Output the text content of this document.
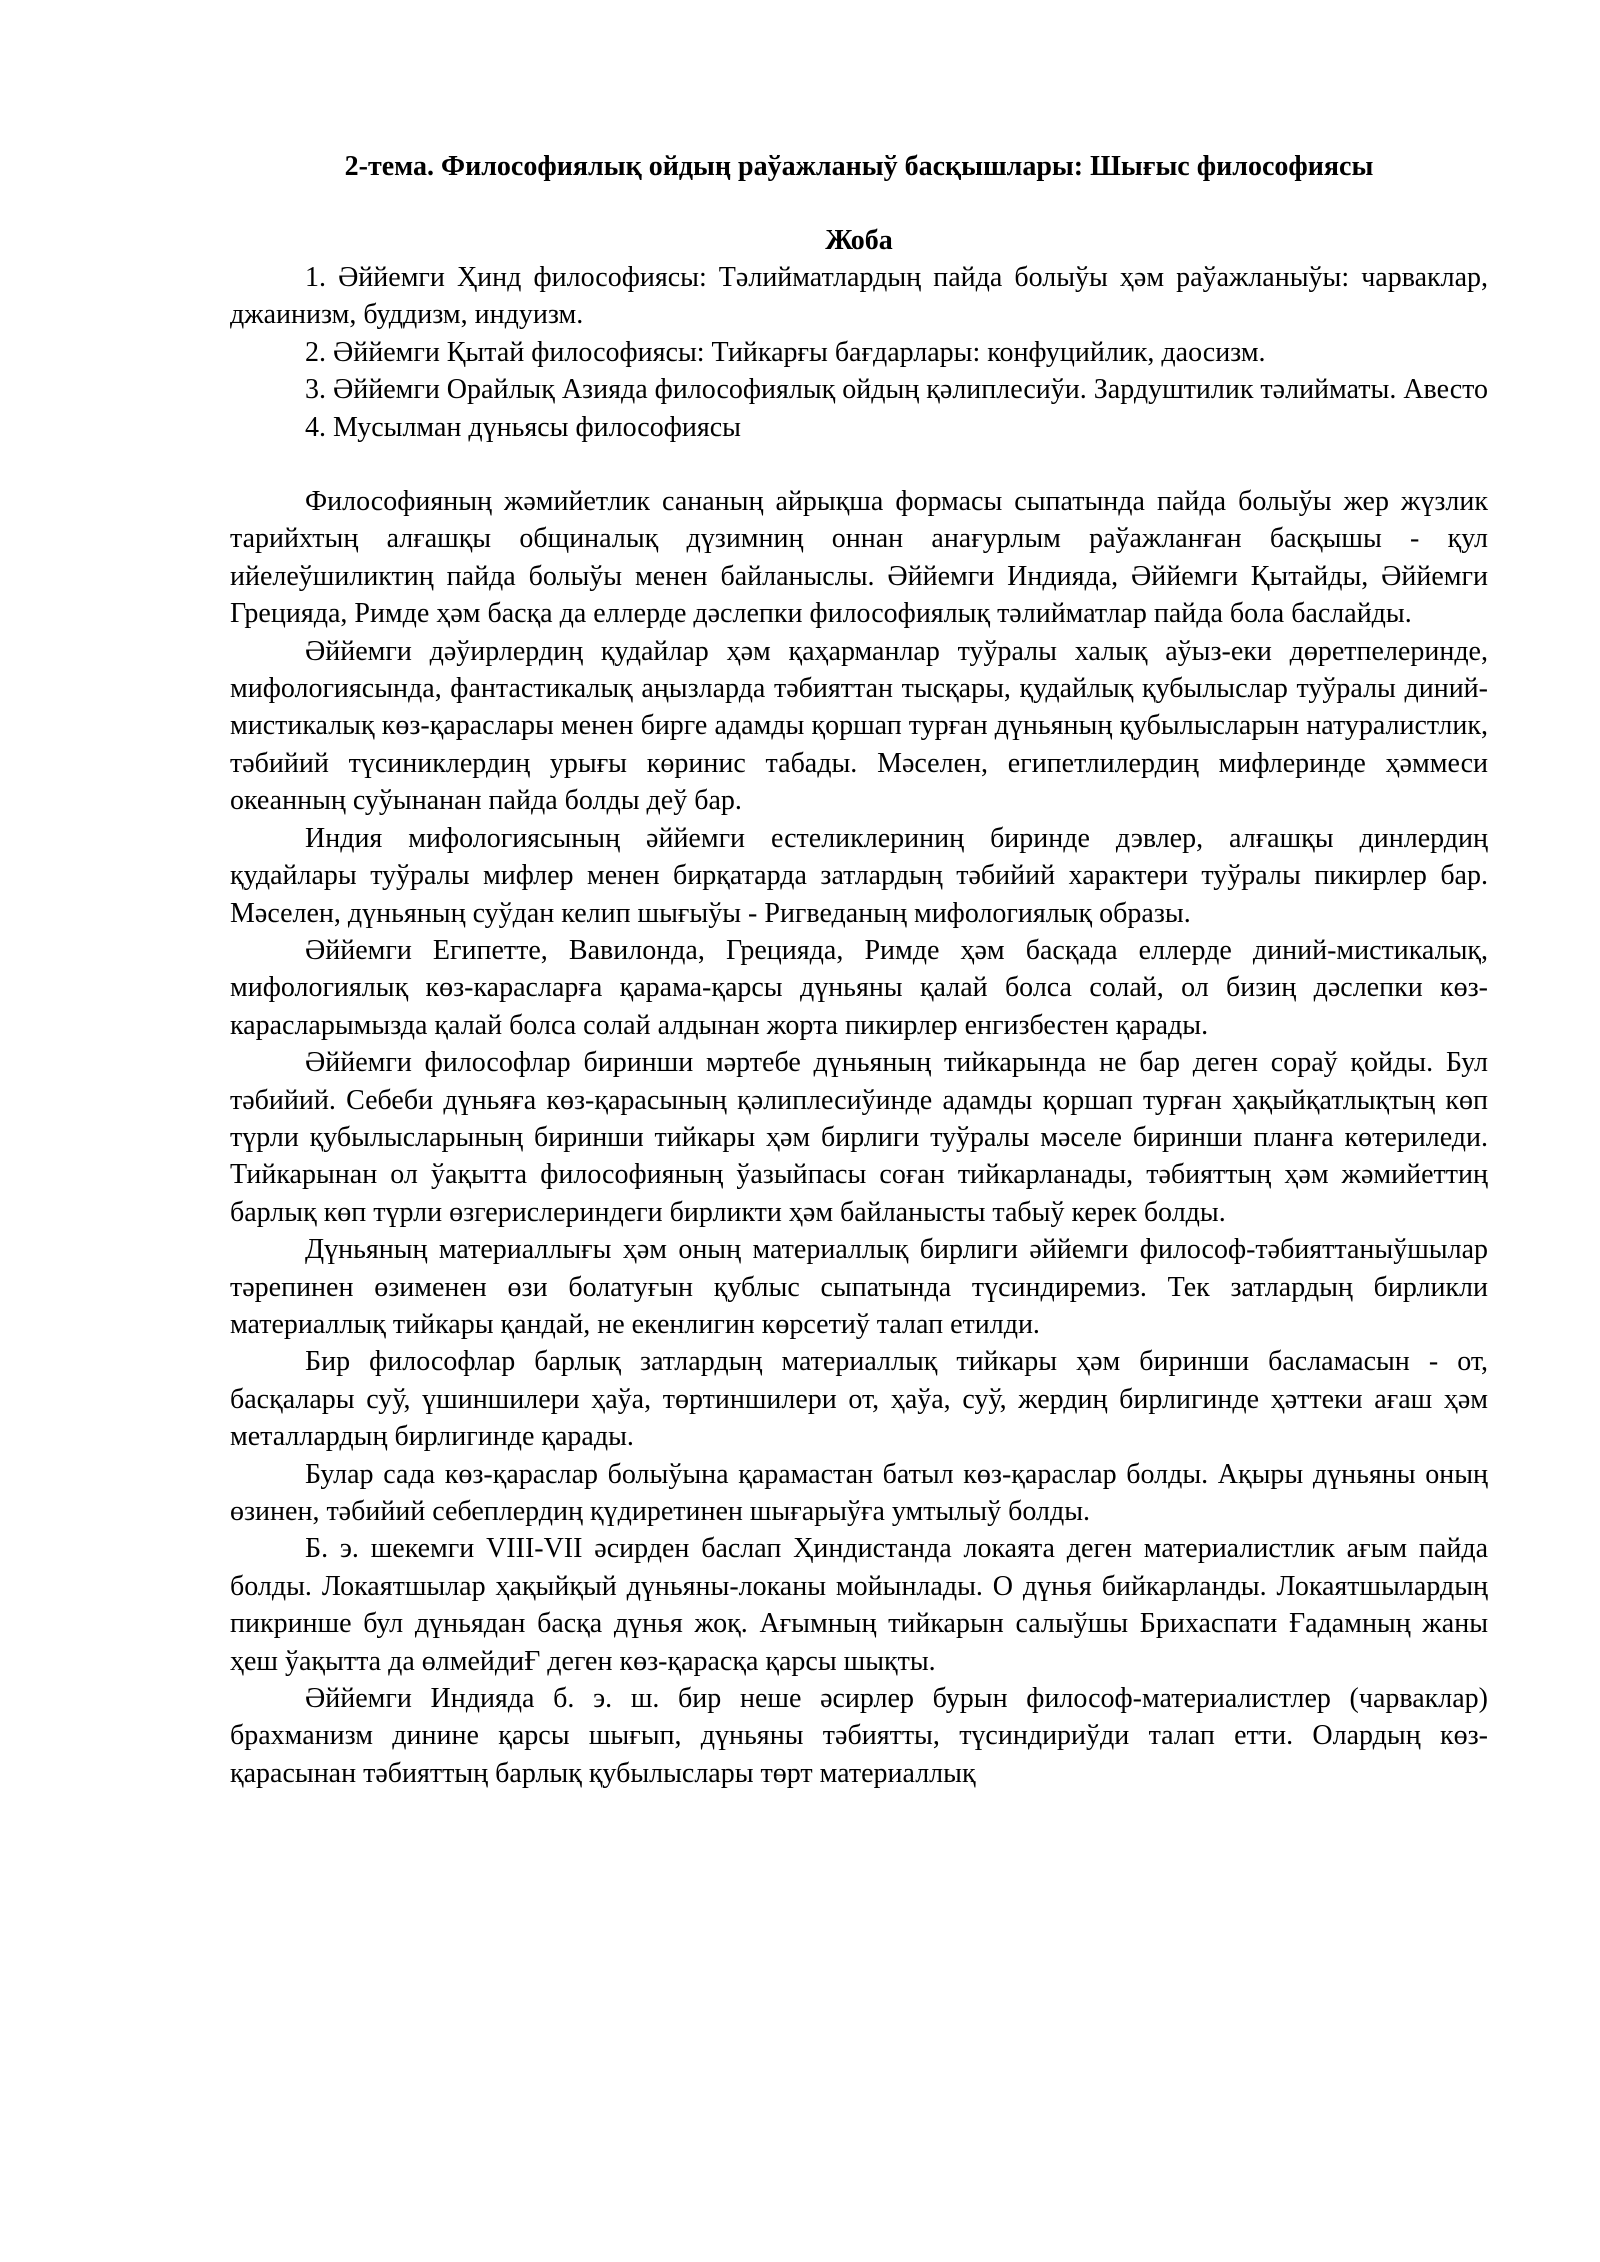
2-тема. Философиялық ойдың раўажланыў басқышлары: Шығыс философиясы

Жоба

1. Әййемги Ҳинд философиясы: Тәлийматлардың пайда болыўы ҳәм раўажланыўы: чарваклар, джаинизм, буддизм, индуизм.

2. Әййемги Қытай философиясы: Тийкарғы бағдарлары: конфуцийлик, даосизм.

3. Әййемги Орайлық Азияда философиялық ойдың қәлиплесиўи. Зардуштилик тәлийматы. Авесто

4. Мусылман дүньясы философиясы

Философияның жәмийетлик сананың айрықша формасы сыпатында пайда болыўы жер жүзлик тарийхтың алғашқы общиналық дүзимниң оннан анағурлым раўажланған басқышы - қул ийелеўшиликтиң пайда болыўы менен байланыслы. Әййемги Индияда, Әййемги Қытайды, Әййемги Грецияда, Римде ҳәм басқа да еллерде дәслепки философиялық тәлийматлар пайда бола баслайды.

Әййемги дәўирлердиң қудайлар ҳәм қаҳарманлар туўралы халық аўыз-еки дөретпелеринде, мифологиясында, фантастикалық аңызларда тәбияттан тысқары, қудайлық қубылыслар туўралы диний-мистикалық көз-қараслары менен бирге адамды қоршап турған дүньяның қубылысларын натуралистлик, тәбийий түсиниклердиң урығы көринис табады. Мәселен, египетлилердиң мифлеринде ҳәммеси океанның суўынанан пайда болды деў бар.

Индия мифологиясының әййемги естеликлериниң биринде дэвлер, алғашқы динлердиң қудайлары туўралы мифлер менен бирқатарда затлардың тәбийий характери туўралы пикирлер бар. Мәселен, дүньяның суўдан келип шығыўы - Ригведаның мифологиялық образы.

Әййемги Египетте, Вавилонда, Грецияда, Римде ҳәм басқада еллерде диний-мистикалық, мифологиялық көз-карасларға қарама-қарсы дүньяны қалай болса солай, ол бизиң дәслепки көз-карасларымызда қалай болса солай алдынан жорта пикирлер енгизбестен қарады.

Әййемги философлар биринши мәртебе дүньяның тийкарында не бар деген сораў қойды. Бул тәбийий. Себеби дүньяға көз-қарасының қәлиплесиўинде адамды қоршап турған ҳақыйқатлықтың көп түрли қубылысларының биринши тийкары ҳәм бирлиги туўралы мәселе биринши планға көтериледи. Тийкарынан ол ўақытта философияның ўазыйпасы соған тийкарланады, тәбияттың ҳәм жәмийеттиң барлық көп түрли өзгерислериндеги бирликти ҳәм байланысты табыў керек болды.

Дүньяның материаллығы ҳәм оның материаллық бирлиги әййемги философ-тәбияттаныўшылар тәрепинен өзименен өзи болатуғын қублыс сыпатында түсиндиремиз. Тек затлардың бирликли материаллық тийкары қандай, не екенлигин көрсетиў талап етилди.

Бир философлар барлық затлардың материаллық тийкары ҳәм биринши басламасын - от, басқалары суў, үшиншилери ҳаўа, төртиншилери от, ҳаўа, суў, жердиң бирлигинде ҳәттеки ағаш ҳәм металлардың бирлигинде қарады.

Булар сада көз-қараслар болыўына қарамастан батыл көз-қараслар болды. Ақыры дүньяны оның өзинен, тәбийий себеплердиң қүдиретинен шығарыўға умтылыў болды.

Б. э. шекемги VIII-VII әсирден баслап Ҳиндистанда локаята деген материалистлик ағым пайда болды. Локаятшылар ҳақыйқый дүньяны-локаны мойынлады. О дүнья бийкарланды. Локаятшылардың пикринше бул дүньядан басқа дүнья жоқ. Ағымның тийкарын салыўшы Брихаспати Ғадамның жаны ҳеш ўақытта да өлмейдиҒ деген көз-қарасқа қарсы шықты.

Әййемги Индияда б. э. ш. бир неше әсирлер бурын философ-материалистлер (чарваклар) брахманизм динине қарсы шығып, дүньяны тәбиятты, түсиндириўди талап етти. Олардың көз-қарасынан тәбияттың барлық қубылыслары төрт материаллық
